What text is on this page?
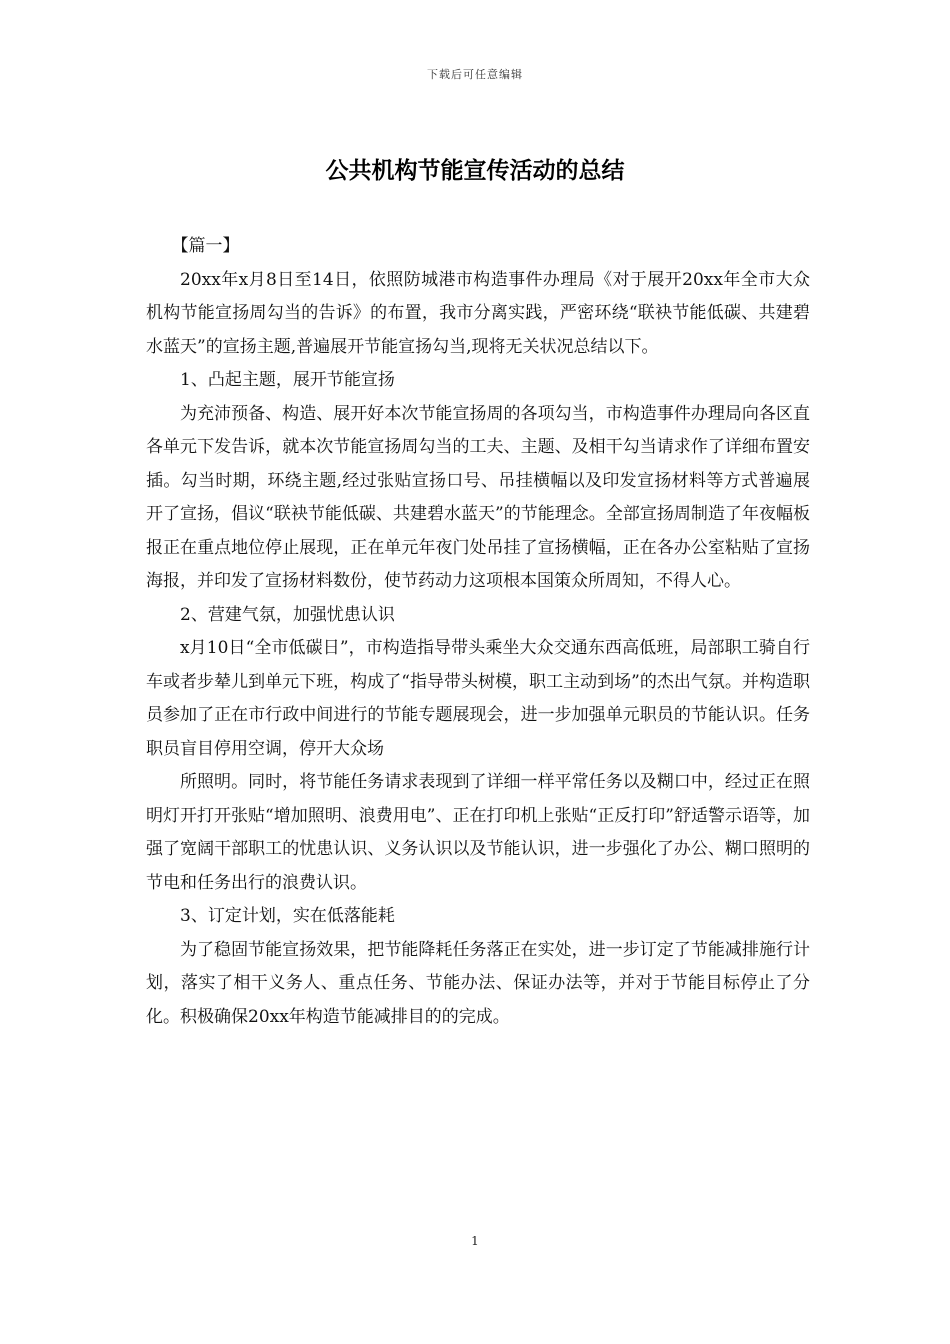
下载后可任意编辑
公共机构节能宣传活动的总结

【篇一】

20xx年x月8日至14日，依照防城港市构造事件办理局《对于展开20xx年全市大众机构节能宣扬周勾当的告诉》的布置，我市分离实践，严密环绕“联袂节能低碳、共建碧水蓝天”的宣扬主题,普遍展开节能宣扬勾当,现将无关状况总结以下。

1、凸起主题，展开节能宣扬

为充沛预备、构造、展开好本次节能宣扬周的各项勾当，市构造事件办理局向各区直各单元下发告诉，就本次节能宣扬周勾当的工夫、主题、及相干勾当请求作了详细布置安插。勾当时期，环绕主题,经过张贴宣扬口号、吊挂横幅以及印发宣扬材料等方式普遍展开了宣扬，倡议“联袂节能低碳、共建碧水蓝天”的节能理念。全部宣扬周制造了年夜幅板报正在重点地位停止展现，正在单元年夜门处吊挂了宣扬横幅，正在各办公室粘贴了宣扬海报，并印发了宣扬材料数份，使节药动力这项根本国策众所周知，不得人心。

2、营建气氛，加强忧患认识

x月10日“全市低碳日”，市构造指导带头乘坐大众交通东西高低班，局部职工骑自行车或者步辇儿到单元下班，构成了“指导带头树模，职工主动到场”的杰出气氛。并构造职员参加了正在市行政中间进行的节能专题展现会，进一步加强单元职员的节能认识。任务职员盲目停用空调，停开大众场

所照明。同时，将节能任务请求表现到了详细一样平常任务以及糊口中，经过正在照明灯开打开张贴“增加照明、浪费用电”、正在打印机上张贴“正反打印”舒适警示语等，加强了宽阔干部职工的忧患认识、义务认识以及节能认识，进一步强化了办公、糊口照明的节电和任务出行的浪费认识。

3、订定计划，实在低落能耗

为了稳固节能宣扬效果，把节能降耗任务落正在实处，进一步订定了节能减排施行计划，落实了相干义务人、重点任务、节能办法、保证办法等，并对于节能目标停止了分化。积极确保20xx年构造节能减排目的的完成。

1
